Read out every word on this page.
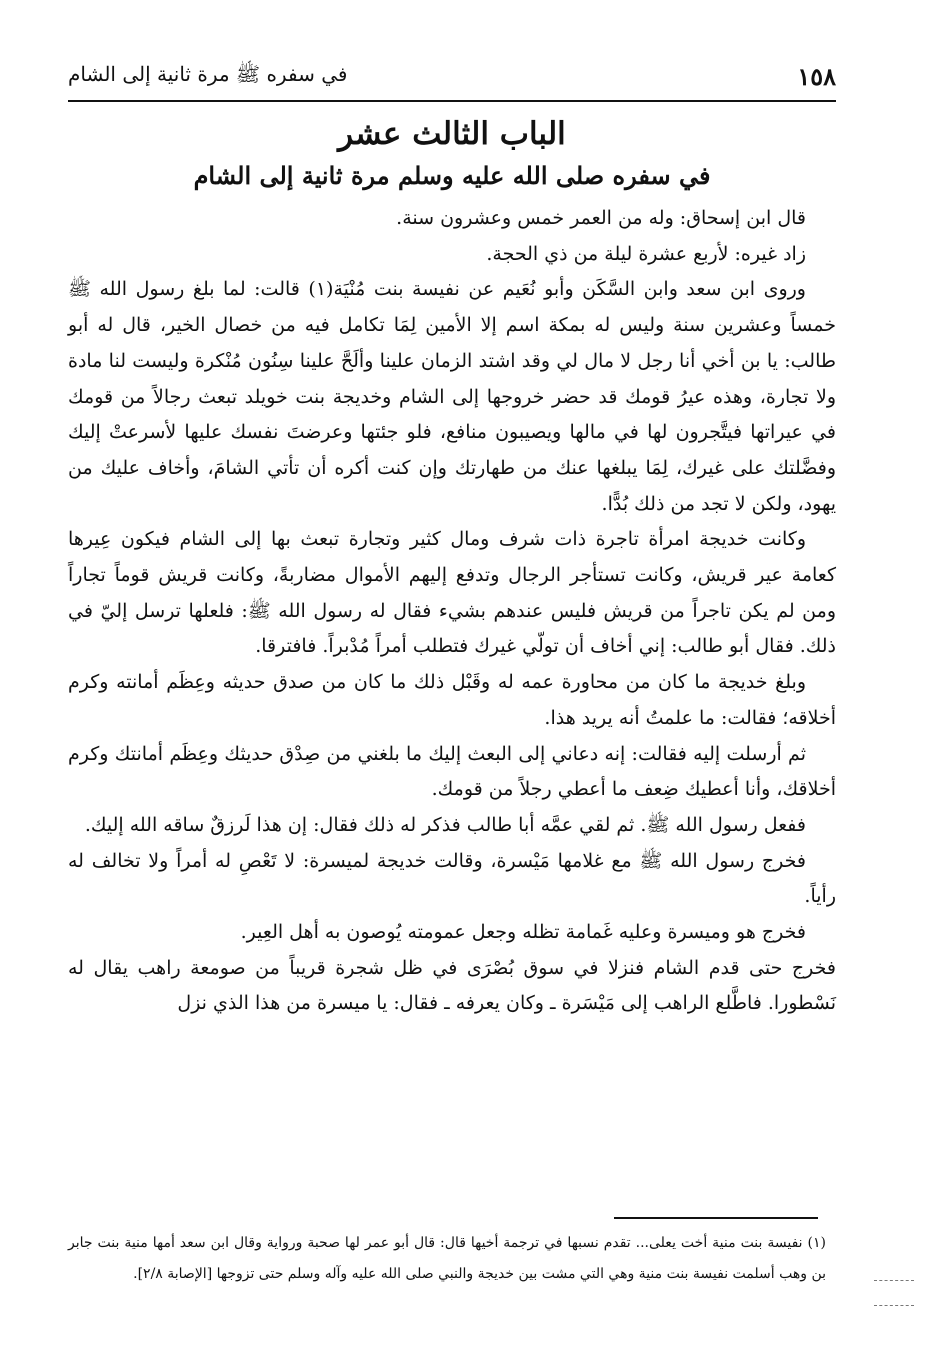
١٥٨
في سفره ﷺ مرة ثانية إلى الشام
الباب الثالث عشر
في سفره صلى الله عليه وسلم مرة ثانية إلى الشام

قال ابن إسحاق: وله من العمر خمس وعشرون سنة.

زاد غيره: لأربع عشرة ليلة من ذي الحجة.

وروى ابن سعد وابن السَّكَن وأبو نُعَيم عن نفيسة بنت مُنْيَة(١) قالت: لما بلغ رسول الله ﷺ خمساً وعشرين سنة وليس له بمكة اسم إلا الأمين لِمَا تكامل فيه من خصال الخير، قال له أبو طالب: يا بن أخي أنا رجل لا مال لي وقد اشتد الزمان علينا وألَحَّ علينا سِنُون مُنْكرة وليست لنا مادة ولا تجارة، وهذه عيرُ قومك قد حضر خروجها إلى الشام وخديجة بنت خويلد تبعث رجالاً من قومك في عيراتها فيتَّجرون لها في مالها ويصيبون منافع، فلو جئتها وعرضتَ نفسك عليها لأسرعتْ إليك وفضَّلتك على غيرك، لِمَا يبلغها عنك من طهارتك وإن كنت أكره أن تأتي الشامَ، وأخاف عليك من يهود، ولكن لا تجد من ذلك بُدًّا.

وكانت خديجة امرأة تاجرة ذات شرف ومال كثير وتجارة تبعث بها إلى الشام فيكون عِيرها كعامة عير قريش، وكانت تستأجر الرجال وتدفع إليهم الأموال مضاربةً، وكانت قريش قوماً تجاراً ومن لم يكن تاجراً من قريش فليس عندهم بشيء فقال له رسول الله ﷺ: فلعلها ترسل إليّ في ذلك. فقال أبو طالب: إني أخاف أن تولّي غيرك فتطلب أمراً مُدْبراً. فافترقا.

وبلغ خديجة ما كان من محاورة عمه له وقَبْل ذلك ما كان من صدق حديثه وعِظَم أمانته وكرم أخلاقه؛ فقالت: ما علمتُ أنه يريد هذا.

ثم أرسلت إليه فقالت: إنه دعاني إلى البعث إليك ما بلغني من صِدْق حديثك وعِظَم أمانتك وكرم أخلاقك، وأنا أعطيك ضِعف ما أعطي رجلاً من قومك.

ففعل رسول الله ﷺ. ثم لقي عمَّه أبا طالب فذكر له ذلك فقال: إن هذا لَرزقٌ ساقه الله إليك.

فخرج رسول الله ﷺ مع غلامها مَيْسرة، وقالت خديجة لميسرة: لا تَعْصِ له أمراً ولا تخالف له رأياً.

فخرج هو وميسرة وعليه غَمامة تظله وجعل عمومته يُوصون به أهل العِير.

فخرج حتى قدم الشام فنزلا في سوق بُصْرَى في ظل شجرة قريباً من صومعة راهب يقال له نَسْطورا. فاطَّلع الراهب إلى مَيْسَرة ـ وكان يعرفه ـ فقال: يا ميسرة من هذا الذي نزل

(١) نفيسة بنت منية أخت يعلى... تقدم نسبها في ترجمة أخيها قال: قال أبو عمر لها صحبة ورواية وقال ابن سعد أمها منية بنت جابر بن وهب أسلمت نفيسة بنت منية وهي التي مشت بين خديجة والنبي صلى الله عليه وآله وسلم حتى تزوجها [الإصابة ٢/٨].
